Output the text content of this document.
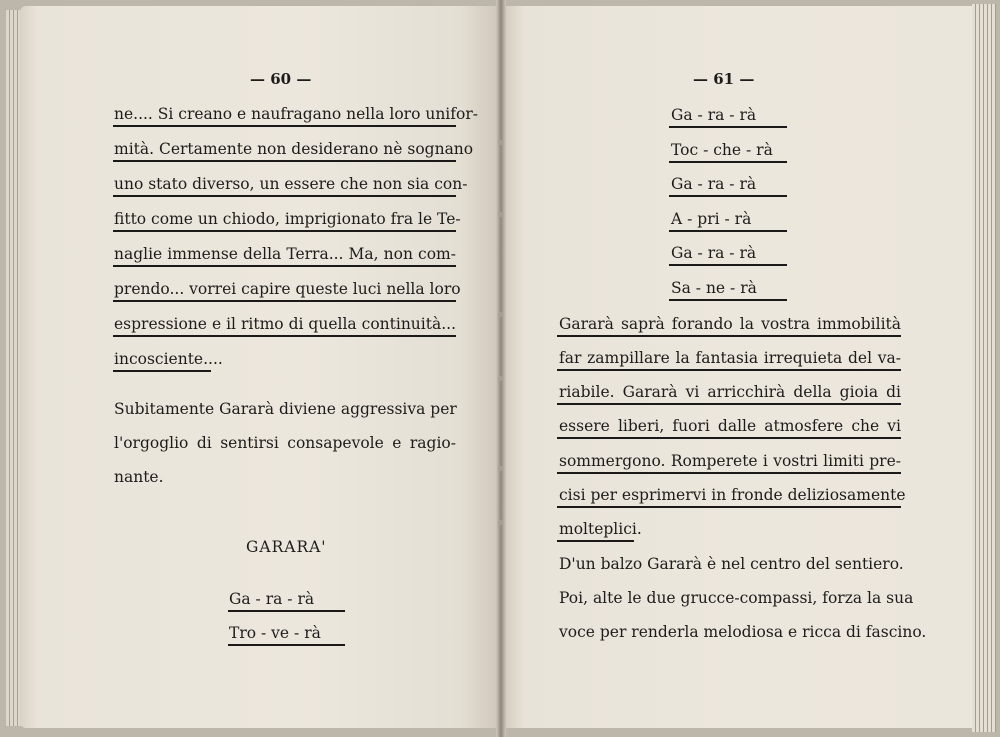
— 60 —
ne.... Si creano e naufragano nella loro unifor-
mità. Certamente non desiderano nè sognano
uno stato diverso, un essere che non sia con-
fitto come un chiodo, imprigionato fra le Te-
naglie immense della Terra... Ma, non com-
prendo... vorrei capire queste luci nella loro
espressione e il ritmo di quella continuità...
incosciente....
Subitamente Gararà diviene aggressiva per
l'orgoglio di sentirsi consapevole e ragio-
nante.
GARARA'
Ga - ra - rà
Tro - ve - rà
— 61 —
Ga - ra - rà
Toc - che - rà
Ga - ra - rà
A - pri - rà
Ga - ra - rà
Sa - ne - rà
Gararà saprà forando la vostra immobilità
far zampillare la fantasia irrequieta del va-
riabile. Gararà vi arricchirà della gioia di
essere liberi, fuori dalle atmosfere che vi
sommergono. Romperete i vostri limiti pre-
cisi per esprimervi in fronde deliziosamente
molteplici.
D'un balzo Gararà è nel centro del sentiero.
Poi, alte le due grucce-compassi, forza la sua
voce per renderla melodiosa e ricca di fascino.
